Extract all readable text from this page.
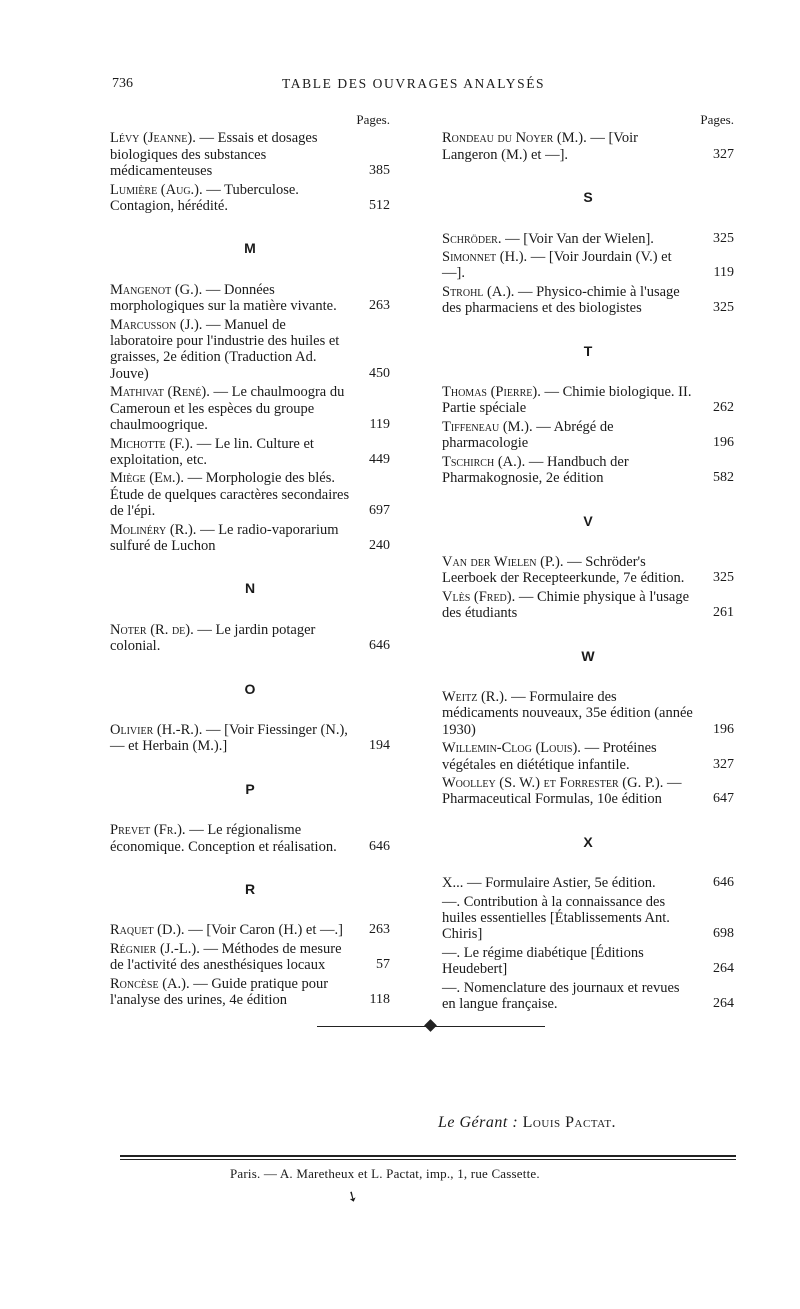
736	TABLE DES OUVRAGES ANALYSÉS
Pages.
Lévy (Jeanne). — Essais et dosages biologiques des substances médicamenteuses	385
Lumière (Aug.). — Tuberculose. Contagion, hérédité.	512
M
Mangenot (G.). — Données morphologiques sur la matière vivante. 263
Marcusson (J.). — Manuel de laboratoire pour l'industrie des huiles et graisses, 2e édition (Traduction Ad. Jouve)	450
Mathivat (René). — Le chaulmoogra du Cameroun et les espèces du groupe chaulmoogrique.	119
Michotte (F.). — Le lin. Culture et exploitation, etc.	449
Miège (Em.). — Morphologie des blés. Étude de quelques caractères secondaires de l'épi.	697
Molinéry (R.). — Le radio-vaporarium sulfuré de Luchon	240
N
Noter (R. de). — Le jardin potager colonial.	646
O
Olivier (H.-R.). — [Voir Fiessinger (N.), — et Herbain (M.).]	194
P
Prevet (Fr.). — Le régionalisme économique. Conception et réalisation. 646
R
Raquet (D.). — [Voir Caron (H.) et —.] 263
Régnier (J.-L.). — Méthodes de mesure de l'activité des anesthésiques locaux	57
Roncèse (A.). — Guide pratique pour l'analyse des urines, 4e édition	118
Pages.
Rondeau du Noyer (M.). — [Voir Langeron (M.) et —].	327
S
Schröder. — [Voir Van der Wielen].	325
Simonnet (H.). — [Voir Jourdain (V.) et —].	119
Strohl (A.). — Physico-chimie à l'usage des pharmaciens et des biologistes	325
T
Thomas (Pierre). — Chimie biologique. II. Partie spéciale	262
Tiffeneau (M.). — Abrégé de pharmacologie	196
Tschirch (A.). — Handbuch der Pharmakognosie, 2e édition	582
V
Van der Wielen (P.). — Schröder's Leerboek der Recepteerkunde, 7e édition. 325
Vlès (Fred). — Chimie physique à l'usage des étudiants	261
W
Weitz (R.). — Formulaire des médicaments nouveaux, 35e édition (année 1930)	196
Willemin-Clog (Louis). — Protéines végétales en diététique infantile.	327
Woolley (S. W.) et Forrester (G. P.). — Pharmaceutical Formulas, 10e édition	647
X
X... — Formulaire Astier, 5e édition.	646
—. Contribution à la connaissance des huiles essentielles [Établissements Ant. Chiris]	698
—. Le régime diabétique [Éditions Heudebert]	264
—. Nomenclature des journaux et revues en langue française.	264
Le Gérant : Louis Pactat.
Paris. — A. Maretheux et L. Pactat, imp., 1, rue Cassette.
➘
